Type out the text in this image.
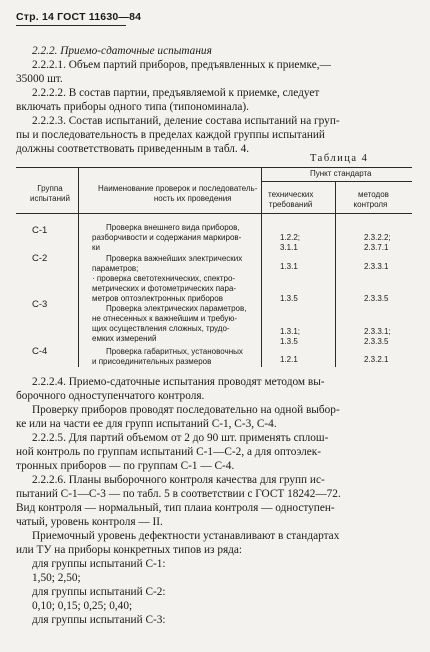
Стр. 14 ГОСТ 11630—84
2.2.2. Приемо-сдаточные испытания
2.2.2.1. Объем партий приборов, предъявленных к приемке,—
35000 шт.
2.2.2.2. В состав партии, предъявляемой к приемке, следует
включать приборы одного типа (типономинала).
2.2.2.3. Состав испытаний, деление состава испытаний на груп-
пы и последовательность в пределах каждой группы испытаний
должны соответствовать приведенным в табл. 4.
Таблица 4
Группа
испытаний
Наименование проверок и последователь-
ность их проведения
Пункт стандарта
технических
требований
методов
контроля
С-1
С-2
С-3
С-4
Проверка внешнего вида приборов,
разборчивости и содержания маркиров-
ки
Проверка важнейших электрических
параметров;
· проверка светотехнических, спектро-
метрических и фотометрических пара-
метров оптоэлектронных приборов
Проверка электрических параметров,
не отнесенных к важнейшим и требую-
щих осуществления сложных, трудо-
емких измерений
Проверка габаритных, установочных
и присоединительных размеров
1.2.2;
3.1.1
1.3.1
1.3.5
1.3.1;
1.3.5
1.2.1
2.3.2.2;
2.3.7.1
2.3.3.1
2.3.3.5
2.3.3.1;
2.3.3.5
2.3.2.1
2.2.2.4. Приемо-сдаточные испытания проводят методом вы-
борочного одноступенчатого контроля.
Проверку приборов проводят последовательно на одной выбор-
ке или на части ее для групп испытаний С-1, С-3, С-4.
2.2.2.5. Для партий объемом от 2 до 90 шт. применять сплош-
ной контроль по группам испытаний С-1—С-2, а для оптоэлек-
тронных приборов — по группам С-1 — С-4.
2.2.2.6. Планы выборочного контроля качества для групп ис-
пытаний С-1—С-3 — по табл. 5 в соответствии с ГОСТ 18242—72.
Вид контроля — нормальный, тип плаиа контроля — одноступен-
чатый, уровень контроля — II.
Приемочный уровень дефектности устанавливают в стандартах
или ТУ на приборы конкретных типов из ряда:
для группы испытаний С-1:
1,50; 2,50;
для группы испытаний С-2:
0,10; 0,15; 0,25; 0,40;
для группы испытаний С-3:
